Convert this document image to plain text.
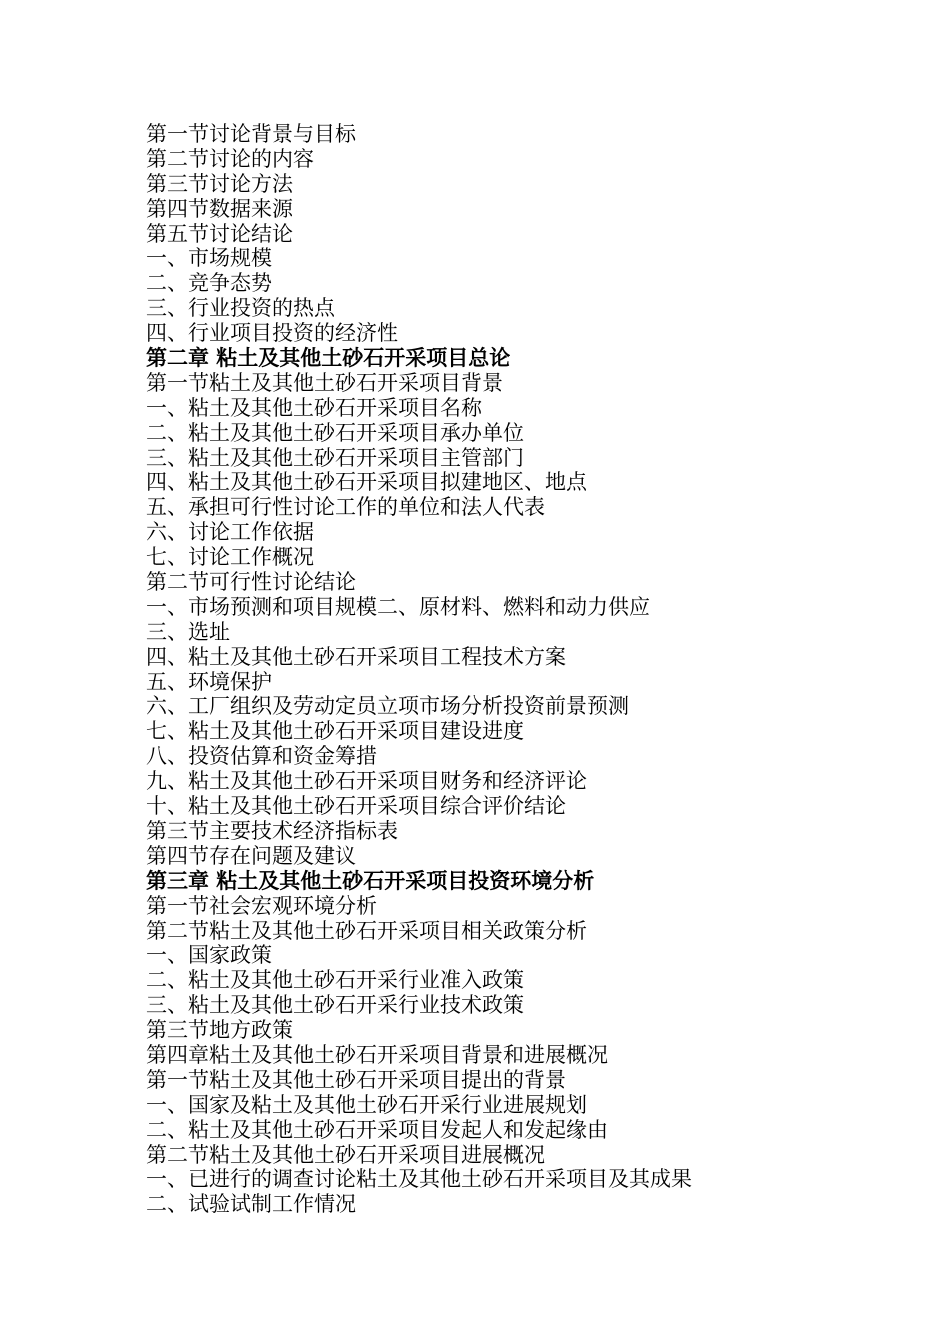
第一节讨论背景与目标
第二节讨论的内容
第三节讨论方法
第四节数据来源
第五节讨论结论
一、市场规模
二、竞争态势
三、行业投资的热点
四、行业项目投资的经济性
第二章 粘土及其他土砂石开采项目总论
第一节粘土及其他土砂石开采项目背景
一、粘土及其他土砂石开采项目名称
二、粘土及其他土砂石开采项目承办单位
三、粘土及其他土砂石开采项目主管部门
四、粘土及其他土砂石开采项目拟建地区、地点
五、承担可行性讨论工作的单位和法人代表
六、讨论工作依据
七、讨论工作概况
第二节可行性讨论结论
一、市场预测和项目规模二、原材料、燃料和动力供应
三、选址
四、粘土及其他土砂石开采项目工程技术方案
五、环境保护
六、工厂组织及劳动定员立项市场分析投资前景预测
七、粘土及其他土砂石开采项目建设进度
八、投资估算和资金筹措
九、粘土及其他土砂石开采项目财务和经济评论
十、粘土及其他土砂石开采项目综合评价结论
第三节主要技术经济指标表
第四节存在问题及建议
第三章 粘土及其他土砂石开采项目投资环境分析
第一节社会宏观环境分析
第二节粘土及其他土砂石开采项目相关政策分析
一、国家政策
二、粘土及其他土砂石开采行业准入政策
三、粘土及其他土砂石开采行业技术政策
第三节地方政策
第四章粘土及其他土砂石开采项目背景和进展概况
第一节粘土及其他土砂石开采项目提出的背景
一、国家及粘土及其他土砂石开采行业进展规划
二、粘土及其他土砂石开采项目发起人和发起缘由
第二节粘土及其他土砂石开采项目进展概况
一、已进行的调查讨论粘土及其他土砂石开采项目及其成果
二、试验试制工作情况
